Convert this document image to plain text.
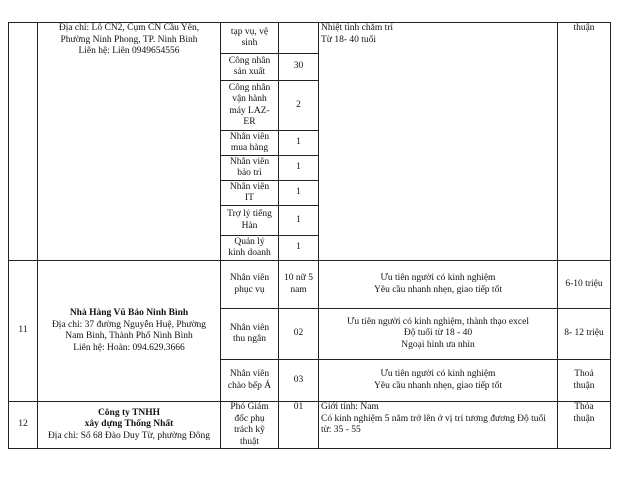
	Địa chỉ: Lô CN2, Cụm CN Cầu Yên,
Phường Ninh Phong, TP. Ninh Bình
Liên hệ: Liên 0949654556	tạp vụ, vệ
sinh		Nhiệt tình chăm trỉ
Từ 18- 40 tuổi	thuận

		Công nhân
sản xuất	30		

		Công nhân
vận hành
máy LAZ-
ER	2		

		Nhân viên
mua hàng	1		

		Nhân viên
bảo trì	1		

		Nhân viên
IT	1		

		Trợ lý tiếng
Hàn	1		

		Quản lý
kinh doanh	1		
11	Nhà Hàng Vũ Bảo Ninh Bình
Địa chỉ: 37 đường Nguyễn Huệ, Phường
Nam Bình, Thành Phố Ninh Bình
Liên hệ: Hoàn: 094.629.3666	Nhân viên
phục vụ	10 nữ 5
nam	Ưu tiên người có kinh nghiệm
Yêu cầu nhanh nhẹn, giao tiếp tốt	6-10 triệu

		Nhân viên
thu ngân	02	Ưu tiên người có kinh nghiệm, thành thạo excel
Độ tuổi từ 18 - 40
Ngoại hình ưa nhìn	8- 12 triệu

		Nhân viên
chào bếp Á	03	Ưu tiên người có kinh nghiệm
Yêu cầu nhanh nhẹn, giao tiếp tốt	Thoả
thuận

12	Công ty TNHH
xây dựng Thống Nhất
Địa chỉ: Số 68 Đào Duy Từ, phường Đông	Phó Giám
đốc phụ
trách kỹ
thuật	01	Giới tính: Nam
Có kinh nghiệm 5 năm trở lên ở vị trí tương đương Độ tuổi
từ: 35 - 55	Thỏa
thuận
